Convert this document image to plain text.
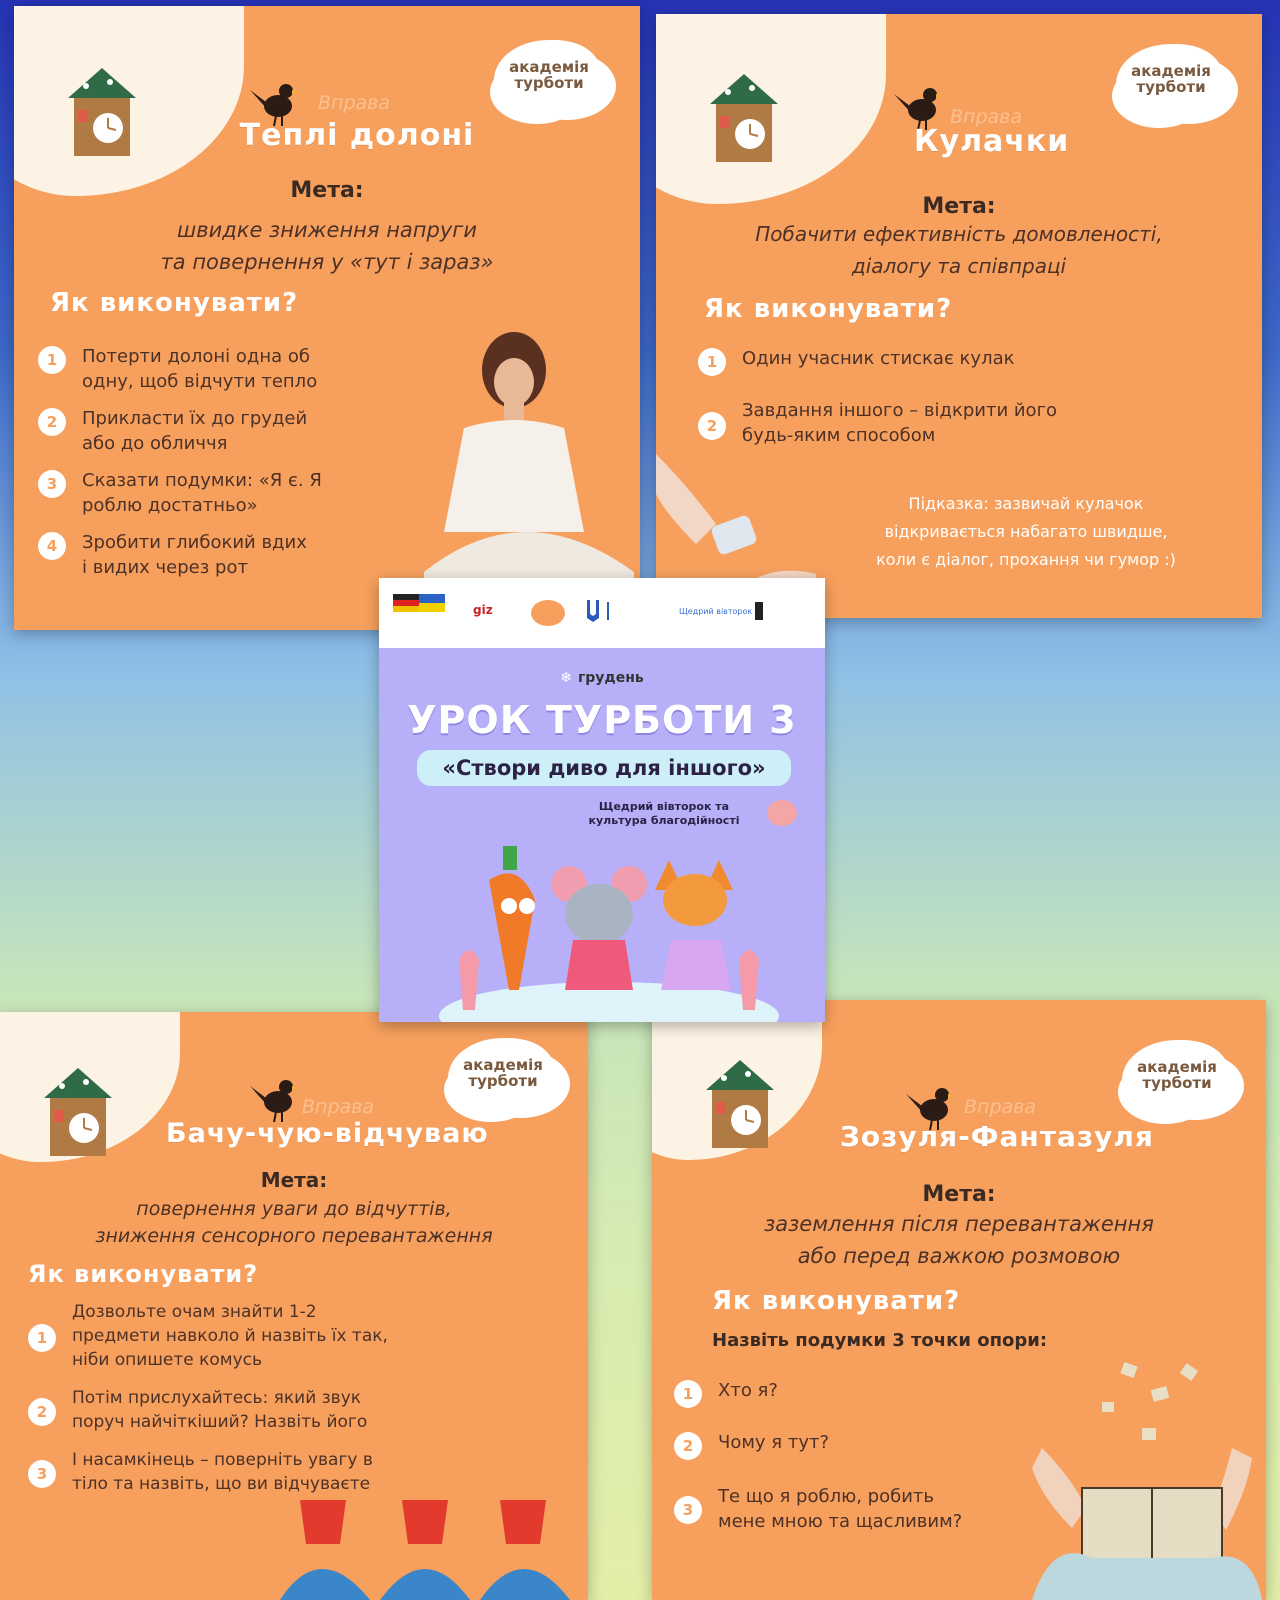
академія
турботи
Вправа
Теплі долоні
Мета:
швидке зниження напруги
та повернення у «тут і зараз»
Як виконувати?
1	Потерти долоні одна об
одну, щоб відчути тепло
2	Прикласти їх до грудей
або до обличчя
3	Сказати подумки: «Я є. Я
роблю достатньо»
4	Зробити глибокий вдих
і видих через рот
академія
турботи
Вправа
Кулачки
Мета:
Побачити ефективність домовленості,
діалогу та співпраці
Як виконувати?
1	Один учасник стискає кулак
2
Завдання іншого – відкрити його
будь-яким способом
Підказка: зазвичай кулачок
відкривається набагато швидше,
коли є діалог, прохання чи гумор :)
академія
турботи
Вправа
Бачу-чую-відчуваю
Мета:
повернення уваги до відчуттів,
зниження сенсорного перевантаження
Як виконувати?
1
Дозвольте очам знайти 1-2
предмети навколо й назвіть їх так,
ніби опишете комусь
2
Потім прислухайтесь: який звук
поруч найчіткіший? Назвіть його
3
І насамкінець – поверніть увагу в
тіло та назвіть, що ви відчуваєте
академія
турботи
Вправа
Зозуля-Фантазуля
Мета:
заземлення після перевантаження
або перед важкою розмовою
Як виконувати?
Назвіть подумки 3 точки опори:
1	Хто я?
2	Чому я тут?
3
Те що я роблю, робить
мене мною та щасливим?
giz	Щедрий вівторок
❄ грудень
УРОК ТУРБОТИ 3
«Створи диво для іншого»
Щедрий вівторок та
культура благодійності
